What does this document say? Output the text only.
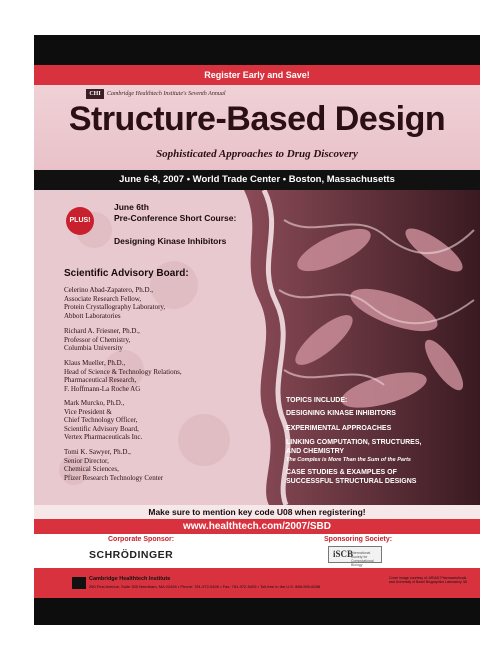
Register Early and Save!
CHI	Cambridge Healthtech Institute's Seventh Annual
Structure-Based Design
Sophisticated Approaches to Drug Discovery
June 6-8, 2007 • World Trade Center • Boston, Massachusetts
PLUS!
June 6th
Pre-Conference Short Course:
Designing Kinase Inhibitors
Scientific Advisory Board:
Celerino Abad-Zapatero, Ph.D.,
Associate Research Fellow,
Protein Crystallography Laboratory,
Abbott Laboratories
Richard A. Friesner, Ph.D.,
Professor of Chemistry,
Columbia University
Klaus Mueller, Ph.D.,
Head of Science & Technology Relations,
Pharmaceutical Research,
F. Hoffmann-La Roche AG
Mark Murcko, Ph.D.,
Vice President &
Chief Technology Officer,
Scientific Advisory Board,
Vertex Pharmaceuticals Inc.
Tomi K. Sawyer, Ph.D.,
Senior Director,
Chemical Sciences,
Pfizer Research Technology Center
TOPICS INCLUDE:
DESIGNING KINASE INHIBITORS
EXPERIMENTAL APPROACHES
LINKING COMPUTATION, STRUCTURES,
AND CHEMISTRY
The Complex is More Than the Sum of the Parts
CASE STUDIES & EXAMPLES OF
SUCCESSFUL STRUCTURAL DESIGNS
Make sure to mention key code U08 when registering!
www.healthtech.com/2007/SBD
Corporate Sponsor:
SCHRÖDINGER
Sponsoring Society:
iSCB
International Society for Computational Biology
Cambridge Healthtech Institute
250 First Avenue, Suite 300 Needham, MA 02494 • Phone: 781-972-5400 • Fax: 781-972-5425 • Toll-free in the U.S. 888-999-6288
Cover image courtesy of: ARIAD Pharmaceuticals and University of Basel Biographics Laboratory 3D
